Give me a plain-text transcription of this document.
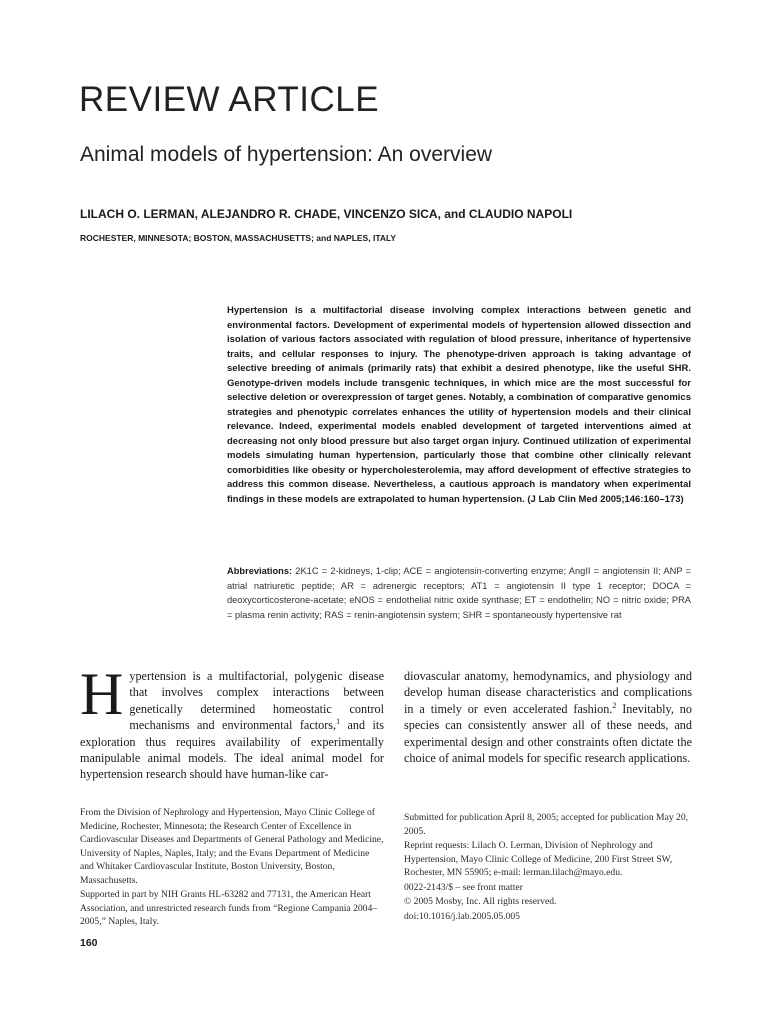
REVIEW ARTICLE
Animal models of hypertension: An overview
LILACH O. LERMAN, ALEJANDRO R. CHADE, VINCENZO SICA, and CLAUDIO NAPOLI
ROCHESTER, MINNESOTA; BOSTON, MASSACHUSETTS; and NAPLES, ITALY

Hypertension is a multifactorial disease involving complex interactions between genetic and environmental factors. Development of experimental models of hypertension allowed dissection and isolation of various factors associated with regulation of blood pressure, inheritance of hypertensive traits, and cellular responses to injury. The phenotype-driven approach is taking advantage of selective breeding of animals (primarily rats) that exhibit a desired phenotype, like the useful SHR. Genotype-driven models include transgenic techniques, in which mice are the most successful for selective deletion or overexpression of target genes. Notably, a combination of comparative genomics strategies and phenotypic correlates enhances the utility of hypertension models and their clinical relevance. Indeed, experimental models enabled development of targeted interventions aimed at decreasing not only blood pressure but also target organ injury. Continued utilization of experimental models simulating human hypertension, particularly those that combine other clinically relevant comorbidities like obesity or hypercholesterolemia, may afford development of effective strategies to address this common disease. Nevertheless, a cautious approach is mandatory when experimental findings in these models are extrapolated to human hypertension. (J Lab Clin Med 2005;146:160–173)

Abbreviations: 2K1C = 2-kidneys, 1-clip; ACE = angiotensin-converting enzyme; AngII = angiotensin II; ANP = atrial natriuretic peptide; AR = adrenergic receptors; AT1 = angiotensin II type 1 receptor; DOCA = deoxycorticosterone-acetate; eNOS = endothelial nitric oxide synthase; ET = endothelin; NO = nitric oxide; PRA = plasma renin activity; RAS = renin-angiotensin system; SHR = spontaneously hypertensive rat

Hypertension is a multifactorial, polygenic disease that involves complex interactions between genetically determined homeostatic control mechanisms and environmental factors,$^1$ and its exploration thus requires availability of experimentally manipulable animal models. The ideal animal model for hypertension research should have human-like car-

diovascular anatomy, hemodynamics, and physiology and develop human disease characteristics and complications in a timely or even accelerated fashion.$^2$ Inevitably, no species can consistently answer all of these needs, and experimental design and other constraints often dictate the choice of animal models for specific research applications.

From the Division of Nephrology and Hypertension, Mayo Clinic College of Medicine, Rochester, Minnesota; the Research Center of Excellence in Cardiovascular Diseases and Departments of General Pathology and Medicine, University of Naples, Naples, Italy; and the Evans Department of Medicine and Whitaker Cardiovascular Institute, Boston University, Boston, Massachusetts.

Supported in part by NIH Grants HL-63282 and 77131, the American Heart Association, and unrestricted research funds from “Regione Campania 2004–2005,” Naples, Italy.

Submitted for publication April 8, 2005; accepted for publication May 20, 2005.

Reprint requests: Lilach O. Lerman, Division of Nephrology and Hypertension, Mayo Clinic College of Medicine, 200 First Street SW, Rochester, MN 55905; e-mail: lerman.lilach@mayo.edu.

0022-2143/$ – see front matter

© 2005 Mosby, Inc. All rights reserved.

doi:10.1016/j.lab.2005.05.005

160
